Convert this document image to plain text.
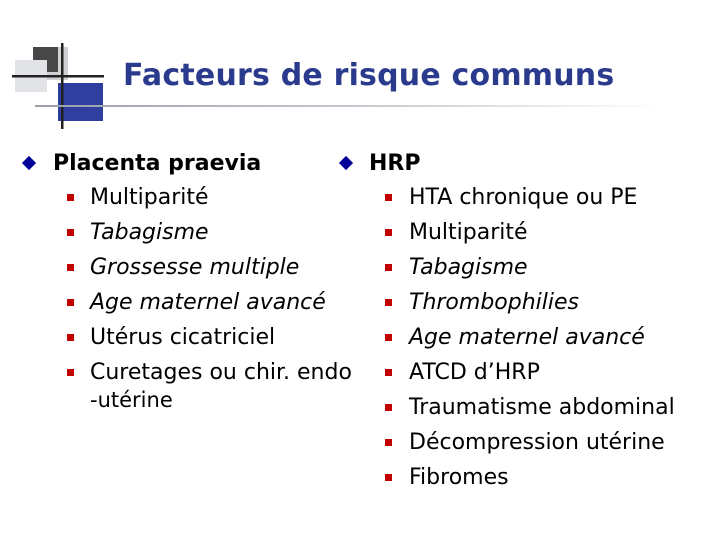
Facteurs de risque communs
Placenta praevia
Multiparité
Tabagisme
Grossesse multiple
Age maternel avancé
Utérus cicatriciel
Curetages ou chir. endo
-utérine
HRP
HTA chronique ou PE
Multiparité
Tabagisme
Thrombophilies
Age maternel avancé
ATCD d’HRP
Traumatisme abdominal
Décompression utérine
Fibromes
